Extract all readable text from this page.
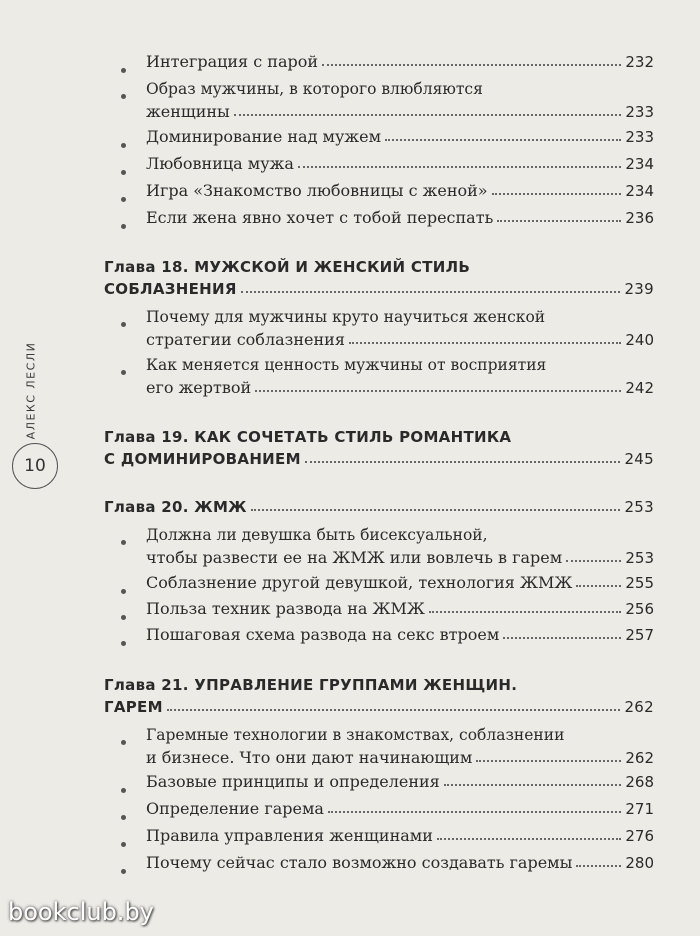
АЛЕКС ЛЕСЛИ
10
Интеграция с парой	232
Образ мужчины, в которого влюбляются
женщины	233
Доминирование над мужем	233
Любовница мужа	234
Игра «Знакомство любовницы с женой»	234
Если жена явно хочет с тобой переспать	236
Глава 18. МУЖСКОЙ И ЖЕНСКИЙ СТИЛЬ
СОБЛАЗНЕНИЯ	239
Почему для мужчины круто научиться женской
стратегии соблазнения	240
Как меняется ценность мужчины от восприятия
его жертвой	242
Глава 19. КАК СОЧЕТАТЬ СТИЛЬ РОМАНТИКА
С ДОМИНИРОВАНИЕМ	245
Глава 20. ЖМЖ	253
Должна ли девушка быть бисексуальной,
чтобы развести ее на ЖМЖ или вовлечь в гарем	253
Соблазнение другой девушкой, технология ЖМЖ	255
Польза техник развода на ЖМЖ	256
Пошаговая схема развода на секс втроем	257
Глава 21. УПРАВЛЕНИЕ ГРУППАМИ ЖЕНЩИН.
ГАРЕМ	262
Гаремные технологии в знакомствах, соблазнении
и бизнесе. Что они дают начинающим	262
Базовые принципы и определения	268
Определение гарема	271
Правила управления женщинами	276
Почему сейчас стало возможно создавать гаремы	280
bookclub.by
